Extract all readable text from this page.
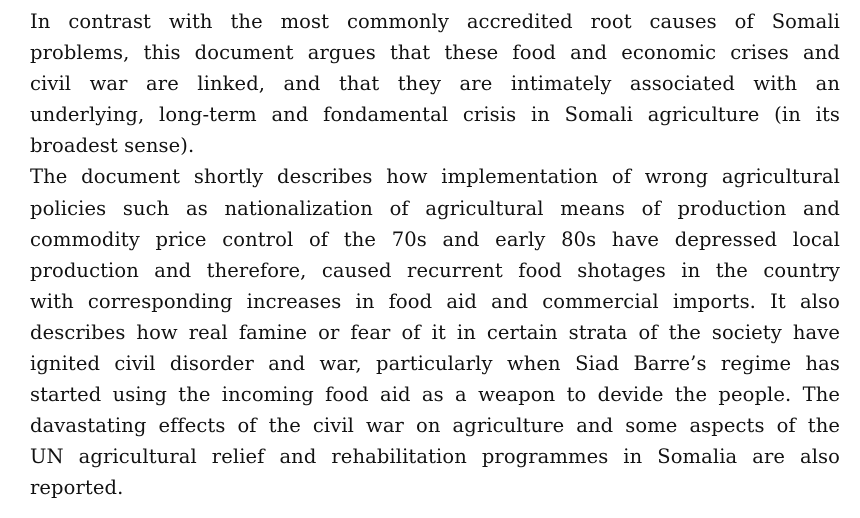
In contrast with the most commonly accredited root causes of Somali
problems, this document argues that these food and economic crises and
civil war are linked, and that they are intimately associated with an
underlying, long-term and fondamental crisis in Somali agriculture (in its
broadest sense).
The document shortly describes how implementation of wrong agricultural
policies such as nationalization of agricultural means of production and
commodity price control of the 70s and early 80s have depressed local
production and therefore, caused recurrent food shotages in the country
with corresponding increases in food aid and commercial imports. It also
describes how real famine or fear of it in certain strata of the society have
ignited civil disorder and war, particularly when Siad Barre’s regime has
started using the incoming food aid as a weapon to devide the people. The
davastating effects of the civil war on agriculture and some aspects of the
UN agricultural relief and rehabilitation programmes in Somalia are also
reported.
